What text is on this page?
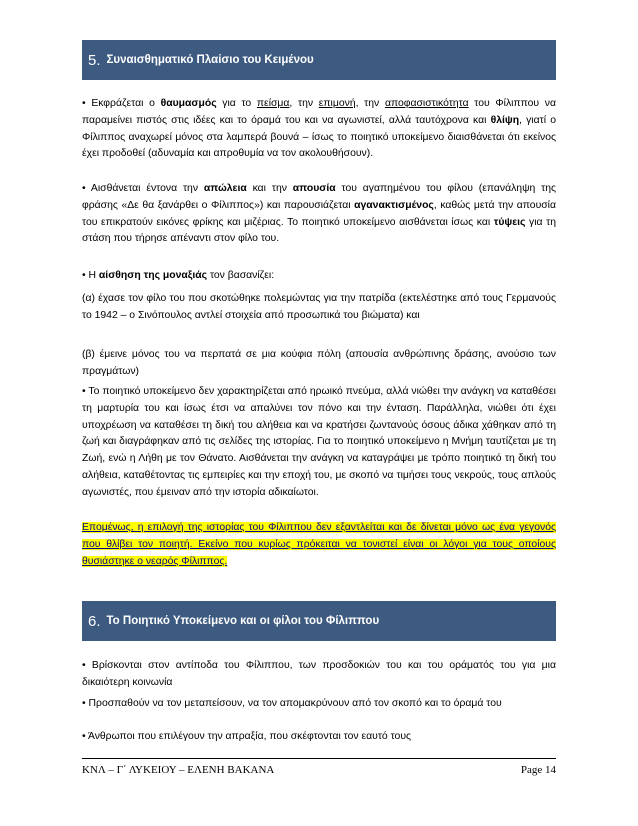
5. Συναισθηματικό Πλαίσιο του Κειμένου

• Εκφράζεται ο θαυμασμός για το πείσμα, την επιμονή, την αποφασιστικότητα του Φίλιππου να παραμείνει πιστός στις ιδέες και το όραμά του και να αγωνιστεί, αλλά ταυτόχρονα και θλίψη, γιατί ο Φίλιππος αναχωρεί μόνος στα λαμπερά βουνά – ίσως το ποιητικό υποκείμενο διαισθάνεται ότι εκείνος έχει προδοθεί (αδυναμία και απροθυμία να τον ακολουθήσουν).

• Αισθάνεται έντονα την απώλεια και την απουσία του αγαπημένου του φίλου (επανάληψη της φράσης «Δε θα ξανάρθει ο Φίλιππος») και παρουσιάζεται αγανακτισμένος, καθώς μετά την απουσία του επικρατούν εικόνες φρίκης και μιζέριας. Το ποιητικό υποκείμενο αισθάνεται ίσως και τύψεις για τη στάση που τήρησε απέναντι στον φίλο του.

• Η αίσθηση της μοναξιάς τον βασανίζει:

(α) έχασε τον φίλο του που σκοτώθηκε πολεμώντας για την πατρίδα (εκτελέστηκε από τους Γερμανούς το 1942 – ο Σινόπουλος αντλεί στοιχεία από προσωπικά του βιώματα) και

(β) έμεινε μόνος του να περπατά σε μια κούφια πόλη (απουσία ανθρώπινης δράσης, ανούσιο των πραγμάτων)

• Το ποιητικό υποκείμενο δεν χαρακτηρίζεται από ηρωικό πνεύμα, αλλά νιώθει την ανάγκη να καταθέσει τη μαρτυρία του και ίσως έτσι να απαλύνει τον πόνο και την ένταση. Παράλληλα, νιώθει ότι έχει υποχρέωση να καταθέσει τη δική του αλήθεια και να κρατήσει ζωντανούς όσους άδικα χάθηκαν από τη ζωή και διαγράφηκαν από τις σελίδες της ιστορίας. Για το ποιητικό υποκείμενο η Μνήμη ταυτίζεται με τη Ζωή, ενώ η Λήθη με τον Θάνατο. Αισθάνεται την ανάγκη να καταγράψει με τρόπο ποιητικό τη δική του αλήθεια, καταθέτοντας τις εμπειρίες και την εποχή του, με σκοπό να τιμήσει τους νεκρούς, τους απλούς αγωνιστές, που έμειναν από την ιστορία αδικαίωτοι.

Επομένως, η επιλογή της ιστορίας του Φίλιππου δεν εξαντλείται και δε δίνεται μόνο ως ένα γεγονός που θλίβει τον ποιητή. Εκείνο που κυρίως πρόκειται να τονιστεί είναι οι λόγοι για τους οποίους θυσιάστηκε ο νεαρός Φίλιππος.

6. Το Ποιητικό Υποκείμενο και οι φίλοι του Φίλιππου

• Βρίσκονται στον αντίποδα του Φίλιππου, των προσδοκιών του και του οράματός του για μια δικαιότερη κοινωνία

• Προσπαθούν να τον μεταπείσουν, να τον απομακρύνουν από τον σκοπό και το όραμά του

• Άνθρωποι που επιλέγουν την απραξία, που σκέφτονται τον εαυτό τους

ΚΝΛ – Γ΄ ΛΥΚΕΙΟΥ – ΕΛΕΝΗ ΒΑΚΑΝΑ	Page 14
